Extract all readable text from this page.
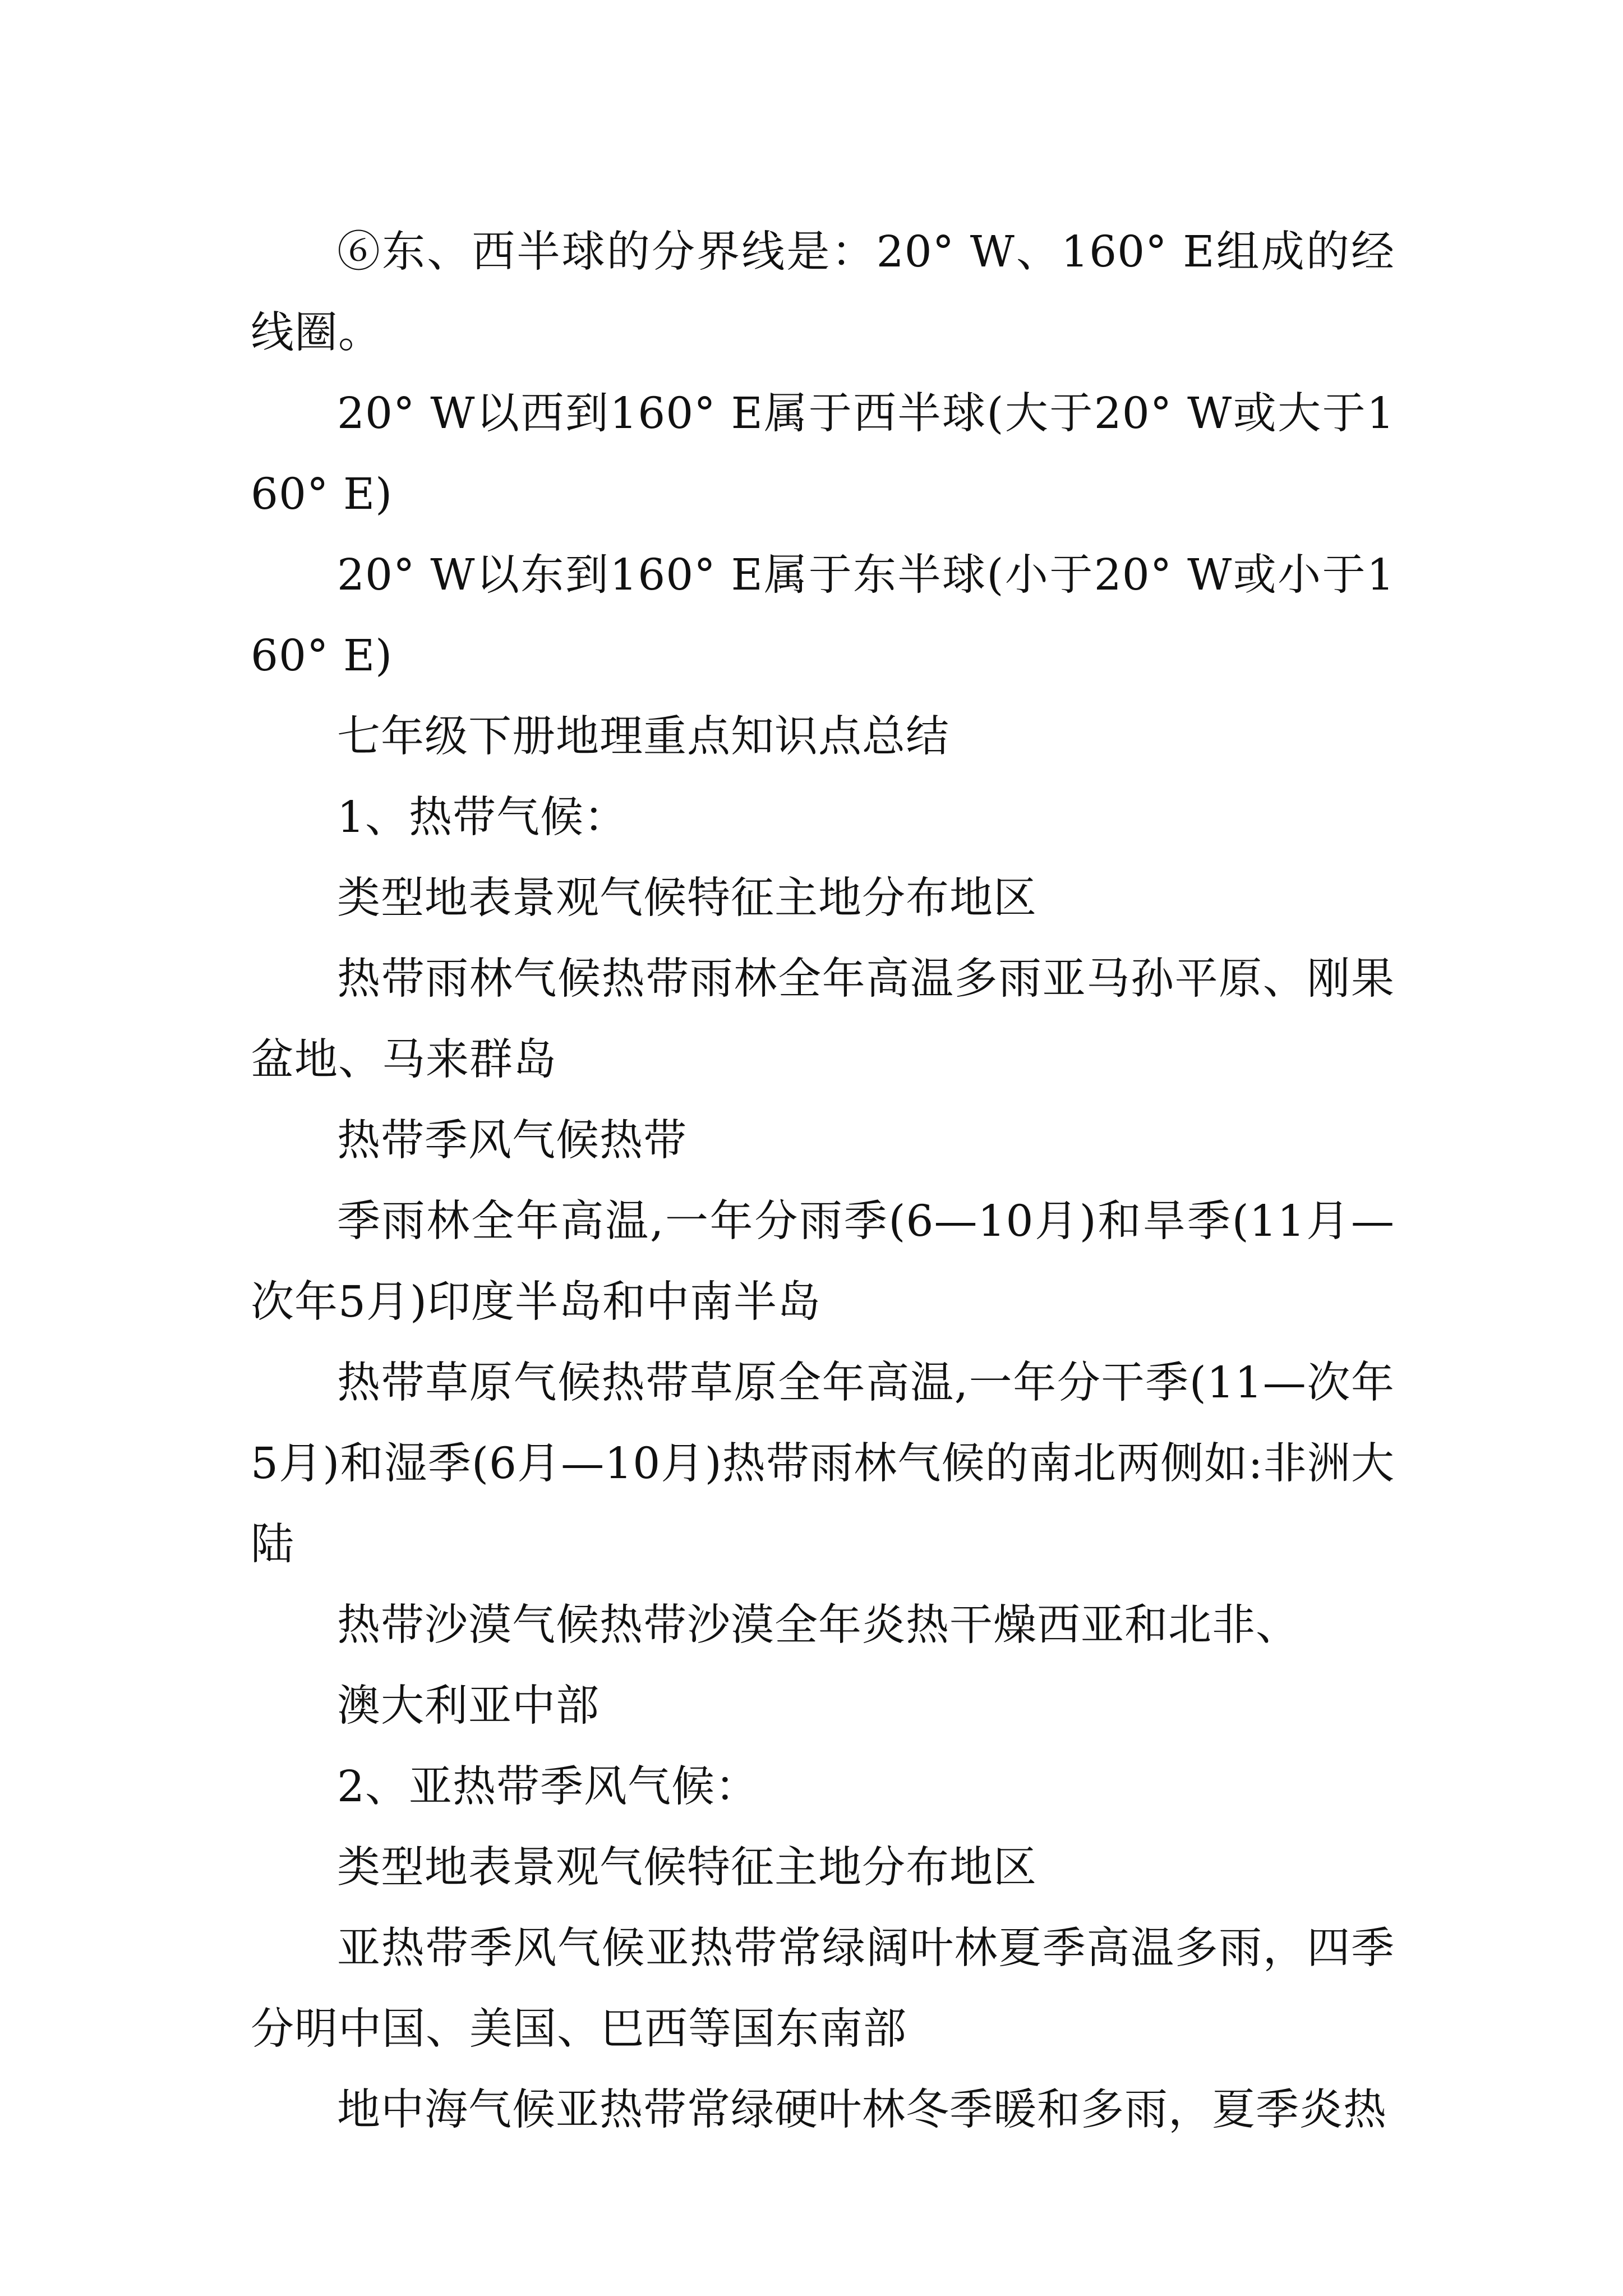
⑥东、西半球的分界线是：20° W、160° E组成的经线圈。

20° W以西到160° E属于西半球(大于20° W或大于160° E)

20° W以东到160° E属于东半球(小于20° W或小于160° E)

七年级下册地理重点知识点总结

1、热带气候：

类型地表景观气候特征主地分布地区

热带雨林气候热带雨林全年高温多雨亚马孙平原、刚果盆地、马来群岛

热带季风气候热带

季雨林全年高温,一年分雨季(6—10月)和旱季(11月—次年5月)印度半岛和中南半岛

热带草原气候热带草原全年高温,一年分干季(11—次年5月)和湿季(6月—10月)热带雨林气候的南北两侧如:非洲大陆

热带沙漠气候热带沙漠全年炎热干燥西亚和北非、

澳大利亚中部

2、亚热带季风气候：

类型地表景观气候特征主地分布地区

亚热带季风气候亚热带常绿阔叶林夏季高温多雨，四季分明中国、美国、巴西等国东南部

地中海气候亚热带常绿硬叶林冬季暖和多雨，夏季炎热
